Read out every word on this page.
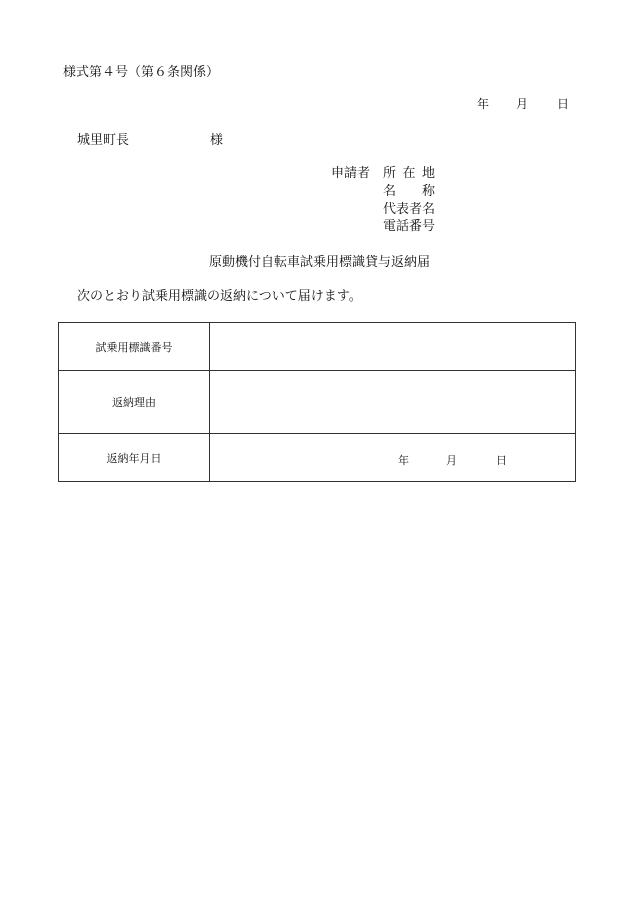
様式第４号（第６条関係）
年 月 日
城里町長	様
申請者 所在地
名称
代表者名
電話番号
原動機付自転車試乗用標識貸与返納届
次のとおり試乗用標識の返納について届けます。
試乗用標識番号
返納理由
返納年月日	年	月	日
